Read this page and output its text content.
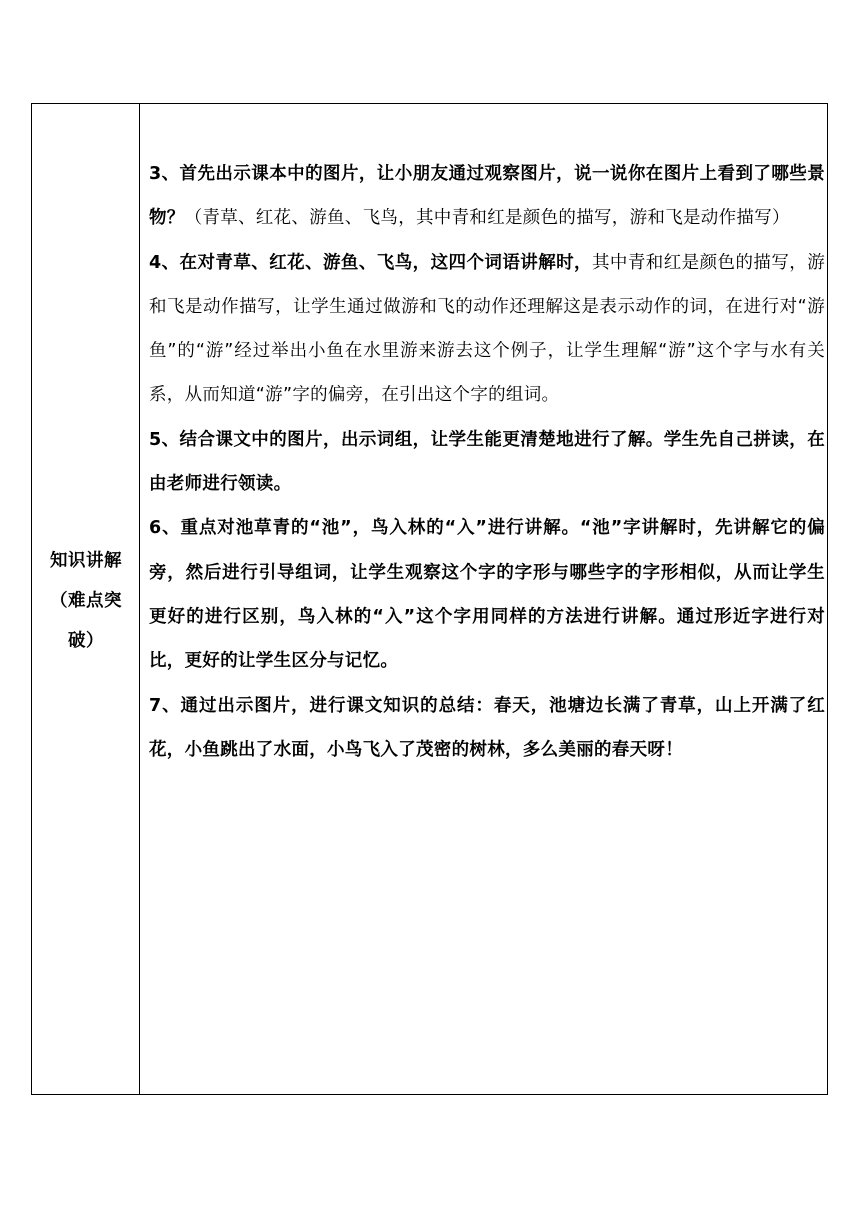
知识讲解
（难点突
破）

3、首先出示课本中的图片，让小朋友通过观察图片，说一说你在图片上看到了哪些景物？（青草、红花、游鱼、飞鸟，其中青和红是颜色的描写，游和飞是动作描写）

4、在对青草、红花、游鱼、飞鸟，这四个词语讲解时，其中青和红是颜色的描写，游和飞是动作描写，让学生通过做游和飞的动作还理解这是表示动作的词，在进行对“游鱼”的“游”经过举出小鱼在水里游来游去这个例子，让学生理解“游”这个字与水有关系，从而知道“游”字的偏旁，在引出这个字的组词。

5、结合课文中的图片，出示词组，让学生能更清楚地进行了解。学生先自己拼读，在由老师进行领读。

6、重点对池草青的“池”，鸟入林的“入”进行讲解。“池”字讲解时，先讲解它的偏旁，然后进行引导组词，让学生观察这个字的字形与哪些字的字形相似，从而让学生更好的进行区别，鸟入林的“入”这个字用同样的方法进行讲解。通过形近字进行对比，更好的让学生区分与记忆。

7、通过出示图片，进行课文知识的总结：春天，池塘边长满了青草，山上开满了红花，小鱼跳出了水面，小鸟飞入了茂密的树林，多么美丽的春天呀！
